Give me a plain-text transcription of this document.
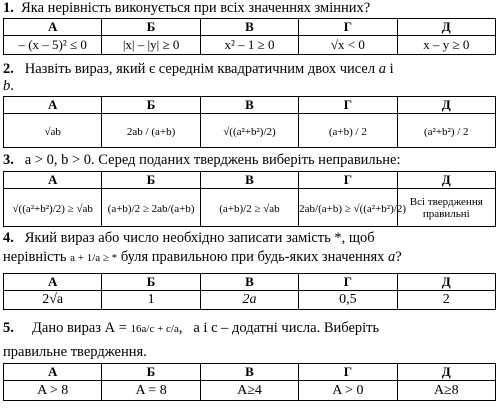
1. Яка нерівність виконується при всіх значеннях змінних?
А	Б	В	Г	Д
– (x – 5)² ≤ 0	|x| – |y| ≥ 0	x² – 1 ≥ 0	√x < 0	x – y ≥ 0
2. Назвіть вираз, який є середнім квадратичним двох чисел a і
b.
А	Б	В	Г	Д
√ab	2ab / (a+b)	√((a²+b²)/2)	(a+b) / 2	(a²+b²) / 2
3. a > 0, b > 0. Серед поданих тверджень виберіть неправильне:
А	Б	В	Г	Д
√((a²+b²)/2) ≥ √ab	(a+b)/2 ≥ 2ab/(a+b)	(a+b)/2 ≥ √ab	2ab/(a+b) ≥ √((a²+b²)/2)	Всі твердження правильні
4. Який вираз або число необхідно записати замість *, щоб
нерівність a + 1/a ≥ * буля правильною при будь-яких значеннях a?
А	Б	В	Г	Д
2√a	1	2a	0,5	2
5. Дано вираз А = 16a/c + c/a,   a і c – додатні числа. Виберіть
правильне твердження.
А	Б	В	Г	Д
A > 8	A = 8	A≥4	A > 0	A≥8
